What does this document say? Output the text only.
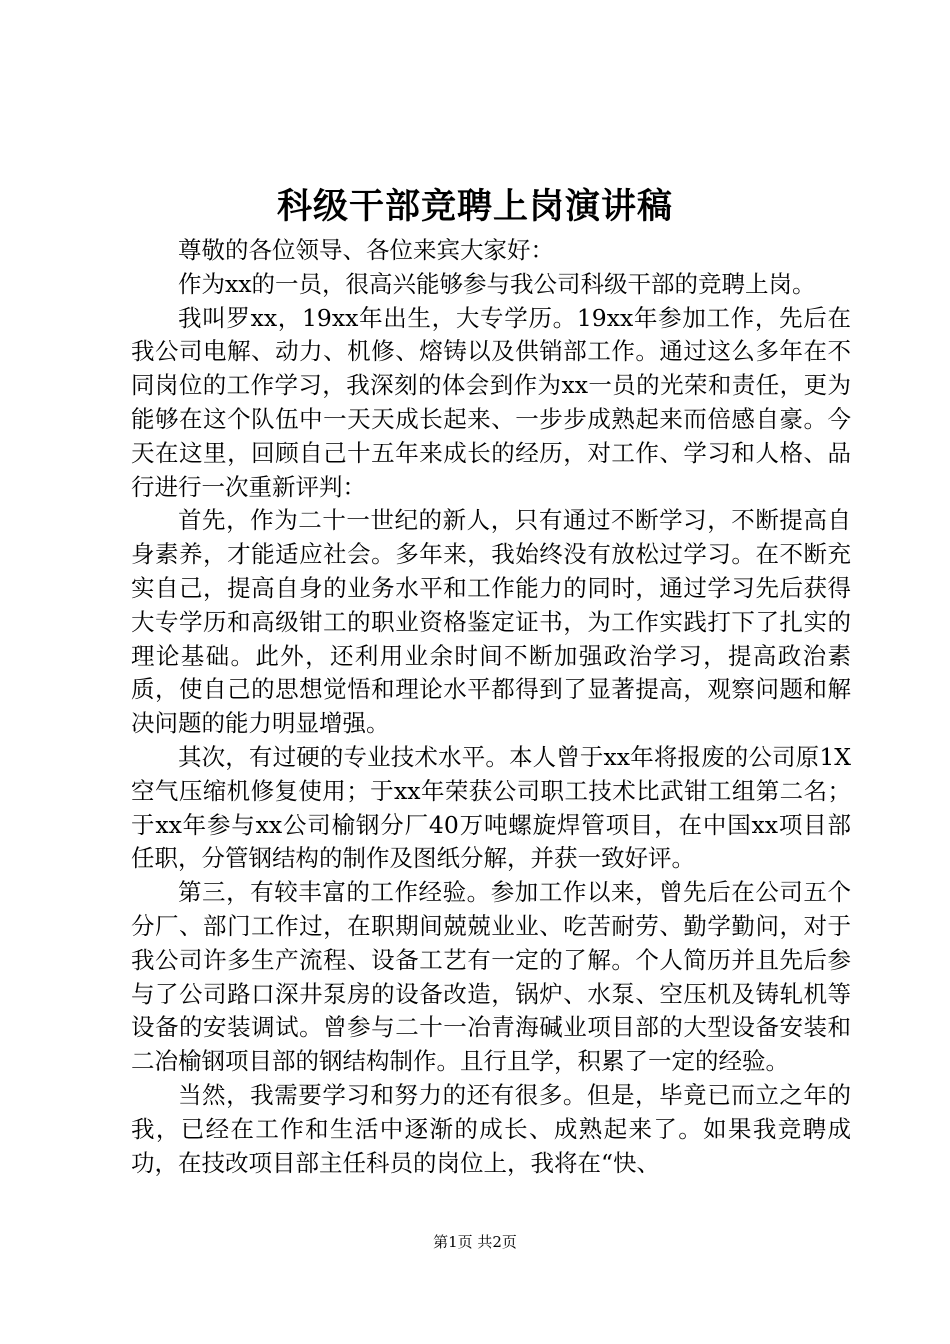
科级干部竞聘上岗演讲稿

尊敬的各位领导、各位来宾大家好：

作为xx的一员，很高兴能够参与我公司科级干部的竞聘上岗。

我叫罗xx，19xx年出生，大专学历。19xx年参加工作，先后在我公司电解、动力、机修、熔铸以及供销部工作。通过这么多年在不同岗位的工作学习，我深刻的体会到作为xx一员的光荣和责任，更为能够在这个队伍中一天天成长起来、一步步成熟起来而倍感自豪。今天在这里，回顾自己十五年来成长的经历，对工作、学习和人格、品行进行一次重新评判：

首先，作为二十一世纪的新人，只有通过不断学习，不断提高自身素养，才能适应社会。多年来，我始终没有放松过学习。在不断充实自己，提高自身的业务水平和工作能力的同时，通过学习先后获得大专学历和高级钳工的职业资格鉴定证书，为工作实践打下了扎实的理论基础。此外，还利用业余时间不断加强政治学习，提高政治素质，使自己的思想觉悟和理论水平都得到了显著提高，观察问题和解决问题的能力明显增强。

其次，有过硬的专业技术水平。本人曾于xx年将报废的公司原1X空气压缩机修复使用；于xx年荣获公司职工技术比武钳工组第二名；于xx年参与xx公司榆钢分厂40万吨螺旋焊管项目，在中国xx项目部任职，分管钢结构的制作及图纸分解，并获一致好评。

第三，有较丰富的工作经验。参加工作以来，曾先后在公司五个分厂、部门工作过，在职期间兢兢业业、吃苦耐劳、勤学勤问，对于我公司许多生产流程、设备工艺有一定的了解。个人简历并且先后参与了公司路口深井泵房的设备改造，锅炉、水泵、空压机及铸轧机等设备的安装调试。曾参与二十一冶青海碱业项目部的大型设备安装和二冶榆钢项目部的钢结构制作。且行且学，积累了一定的经验。

当然，我需要学习和努力的还有很多。但是，毕竟已而立之年的我，已经在工作和生活中逐渐的成长、成熟起来了。如果我竞聘成功，在技改项目部主任科员的岗位上，我将在“快、

第1页 共2页
